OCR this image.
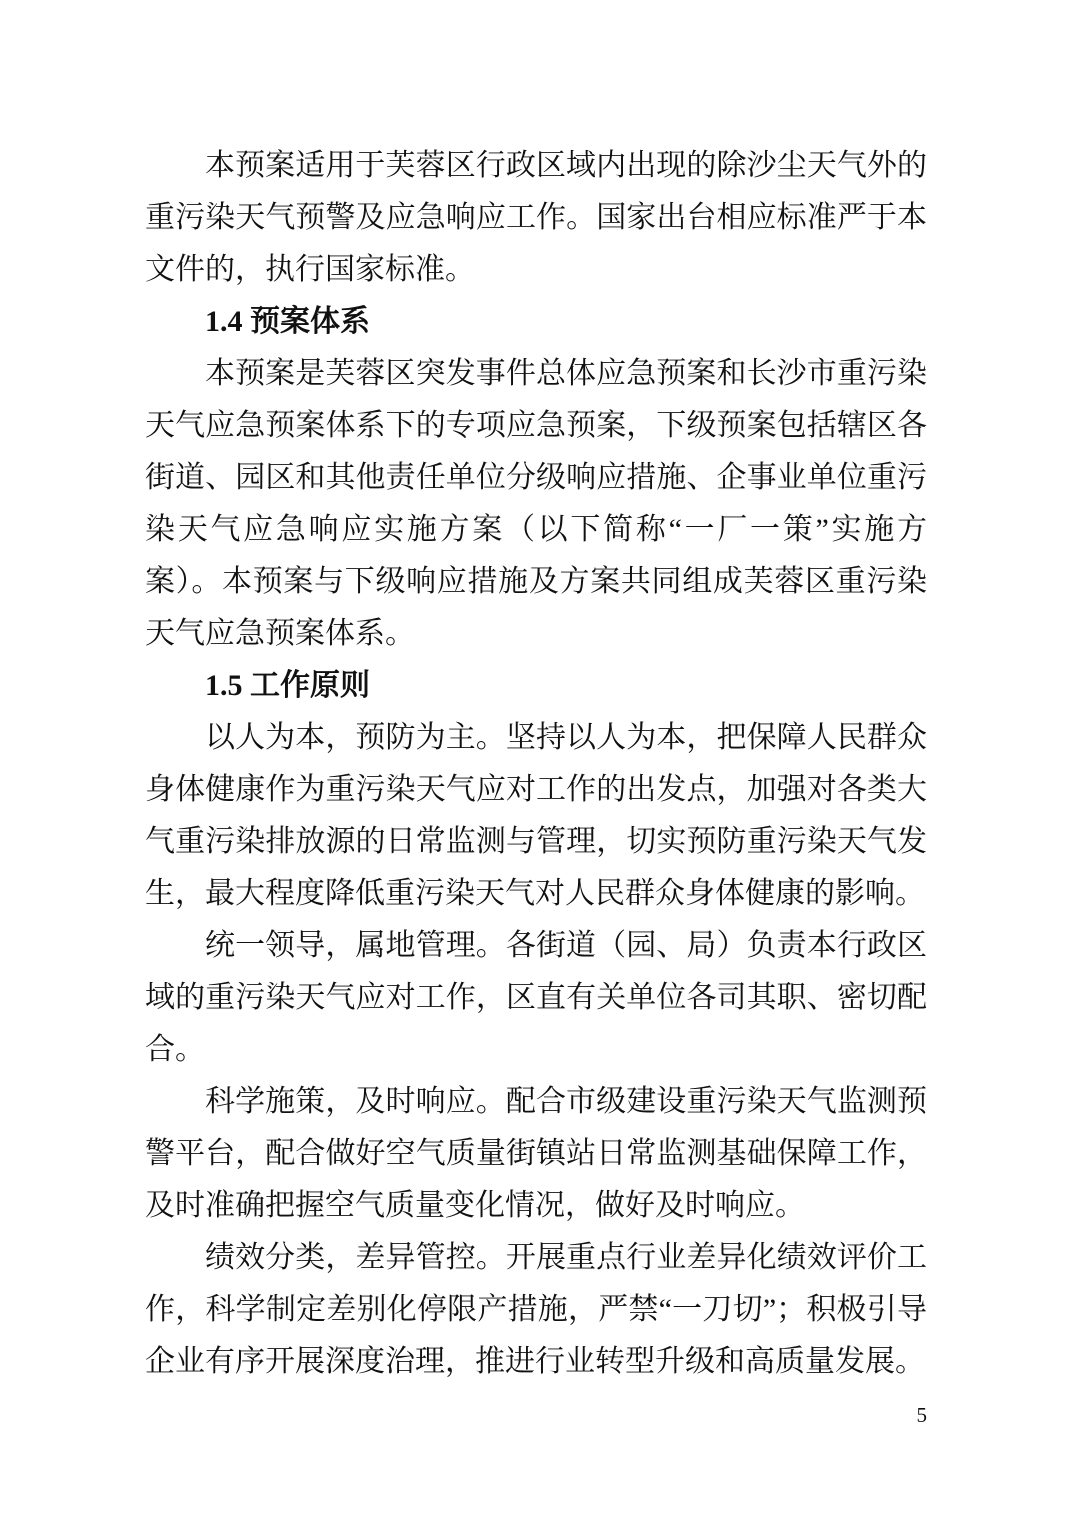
本预案适用于芙蓉区行政区域内出现的除沙尘天气外的重污染天气预警及应急响应工作。国家出台相应标准严于本文件的，执行国家标准。

1.4 预案体系

本预案是芙蓉区突发事件总体应急预案和长沙市重污染天气应急预案体系下的专项应急预案，下级预案包括辖区各街道、园区和其他责任单位分级响应措施、企事业单位重污染天气应急响应实施方案（以下简称“一厂一策”实施方案）。本预案与下级响应措施及方案共同组成芙蓉区重污染天气应急预案体系。

1.5 工作原则

以人为本，预防为主。坚持以人为本，把保障人民群众身体健康作为重污染天气应对工作的出发点，加强对各类大气重污染排放源的日常监测与管理，切实预防重污染天气发生，最大程度降低重污染天气对人民群众身体健康的影响。

统一领导，属地管理。各街道（园、局）负责本行政区域的重污染天气应对工作，区直有关单位各司其职、密切配合。

科学施策，及时响应。配合市级建设重污染天气监测预警平台，配合做好空气质量街镇站日常监测基础保障工作，及时准确把握空气质量变化情况，做好及时响应。

绩效分类，差异管控。开展重点行业差异化绩效评价工作，科学制定差别化停限产措施，严禁“一刀切”；积极引导企业有序开展深度治理，推进行业转型升级和高质量发展。

5
